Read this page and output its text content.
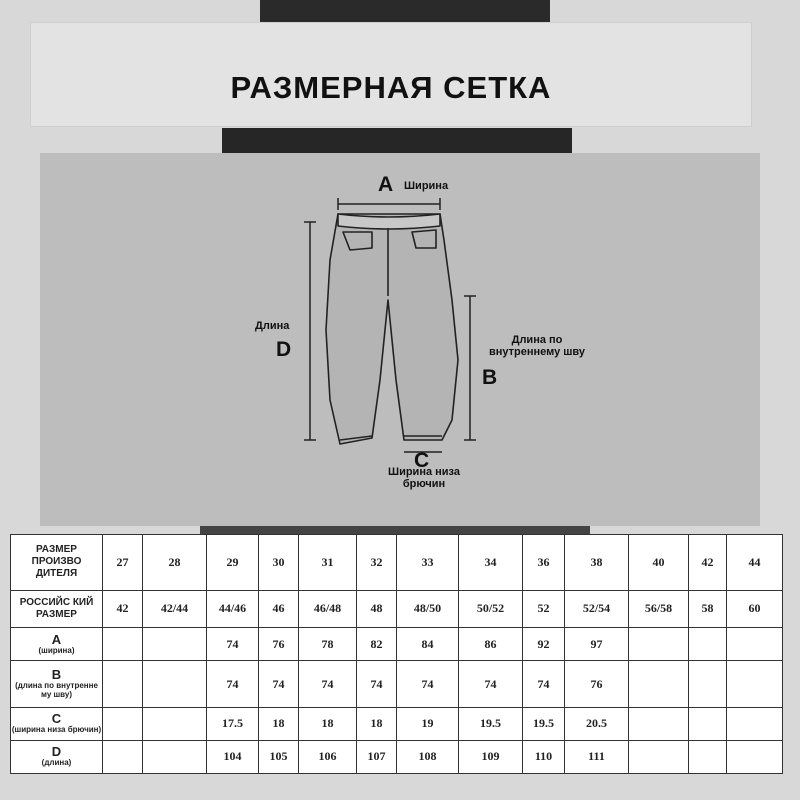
РАЗМЕРНАЯ СЕТКА
A Ширина
Длина
D	Длина по внутреннему шву
B
C
Ширина низа брючин
РАЗМЕР ПРОИЗВО ДИТЕЛЯ	27	28	29	30	31	32	33	34	36	38	40	42	44
РОССИЙС КИЙ РАЗМЕР	42	42/44	44/46	46	46/48	48	48/50	50/52	52	52/54	56/58	58	60

A
(ширина)			74	76	78	82	84	86	92	97			

B
(длина по внутренне му шву)			74	74	74	74	74	74	74	76			

C
(ширина низа брючин)			17.5	18	18	18	19	19.5	19.5	20.5			

D
(длина)			104	105	106	107	108	109	110	111			
